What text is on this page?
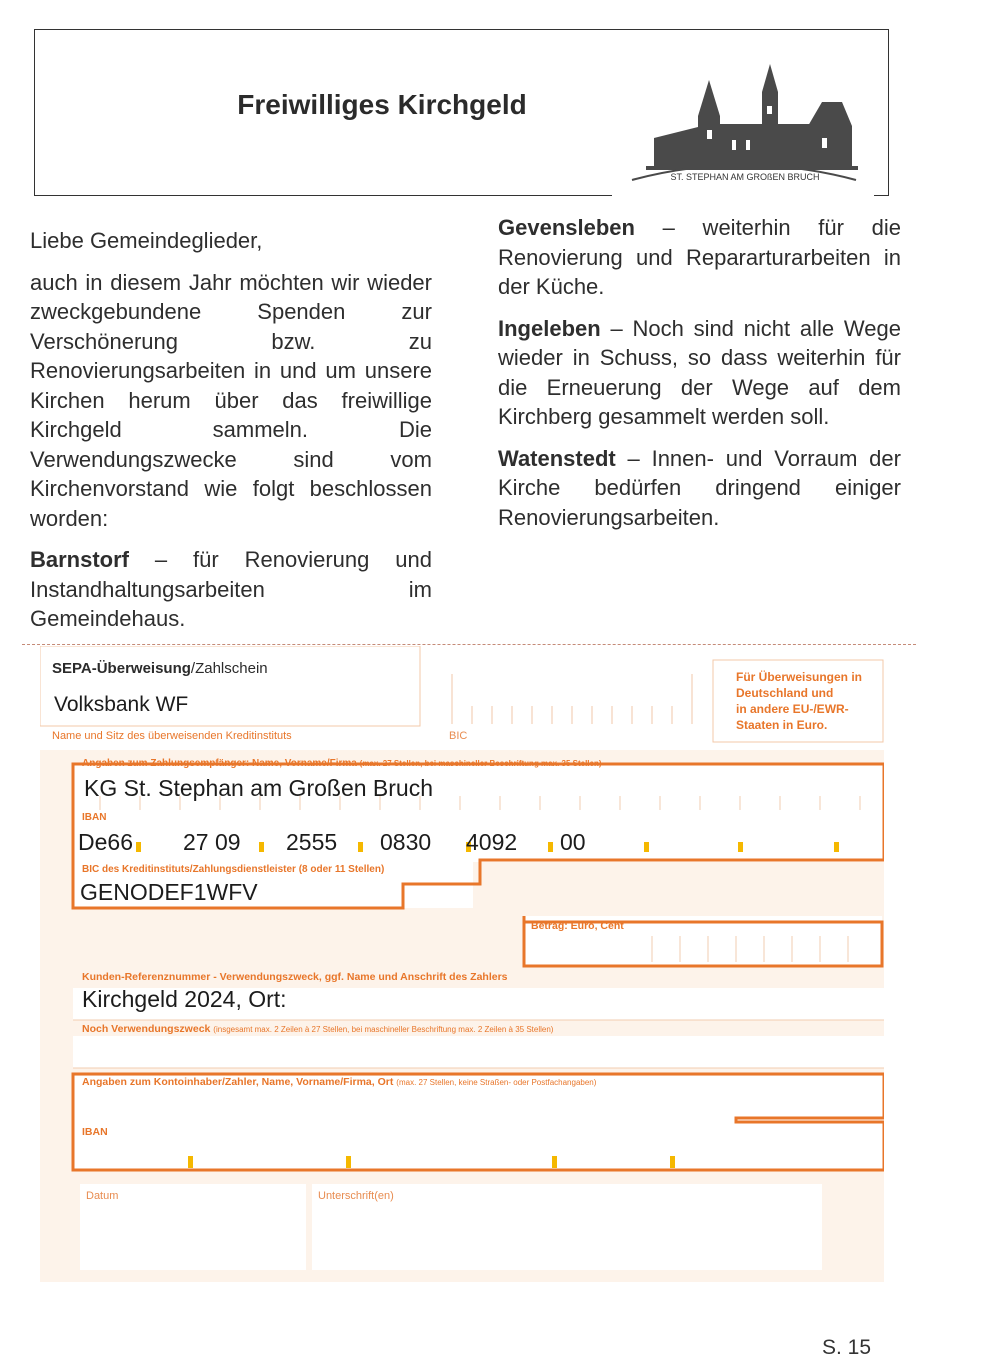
Freiwilliges Kirchgeld
ST. STEPHAN AM GROßEN BRUCH

Liebe Gemeindeglieder,

auch in diesem Jahr möchten wir wieder zweckgebundene Spenden zur Verschönerung bzw. zu Renovierungsarbeiten in und um unsere Kirchen herum über das freiwillige Kirchgeld sammeln. Die Verwendungszwecke sind vom Kirchenvorstand wie folgt beschlossen worden:

Barnstorf – für Renovierung und Instandhaltungsarbeiten im Gemeindehaus.

Gevensleben – weiterhin für die Renovierung und Repararturarbeiten in der Küche.

Ingeleben – Noch sind nicht alle Wege wieder in Schuss, so dass weiterhin für die Erneuerung der Wege auf dem Kirchberg gesammelt werden soll.

Watenstedt – Innen- und Vorraum der Kirche bedürfen dringend einiger Renovierungsarbeiten.

SEPA-Überweisung/Zahlschein
Volksbank WF
Name und Sitz des überweisenden Kreditinstituts	BIC
Für Überweisungen in
Deutschland und
in andere EU-/EWR-
Staaten in Euro.
Angaben zum Zahlungsempfänger: Name, Vorname/Firma (max. 27 Stellen, bei maschineller Beschriftung max. 35 Stellen)
KG St. Stephan am Großen Bruch
IBAN
De66 27 09 2555 0830 4092 00
BIC des Kreditinstituts/Zahlungsdienstleister (8 oder 11 Stellen)
GENODEF1WFV
Betrag: Euro, Cent
Kunden-Referenznummer - Verwendungszweck, ggf. Name und Anschrift des Zahlers
Kirchgeld 2024, Ort:
Noch Verwendungszweck (insgesamt max. 2 Zeilen à 27 Stellen, bei maschineller Beschriftung max. 2 Zeilen à 35 Stellen)
Angaben zum Kontoinhaber/Zahler, Name, Vorname/Firma, Ort (max. 27 Stellen, keine Straßen- oder Postfachangaben)
IBAN
Datum	Unterschrift(en)
S. 15
